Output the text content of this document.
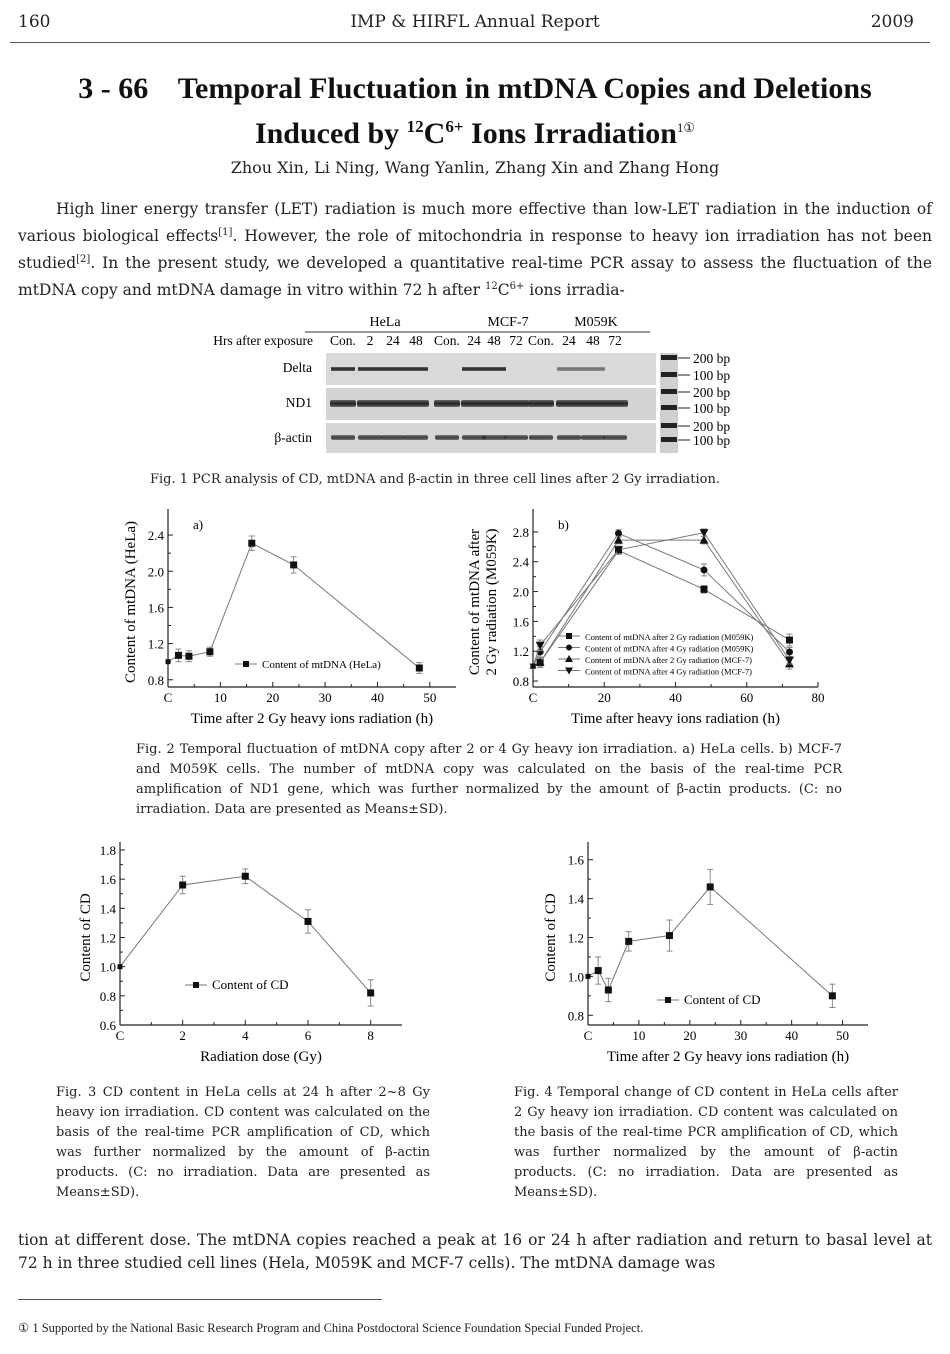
160	IMP & HIRFL Annual Report	2009
3 - 66 Temporal Fluctuation in mtDNA Copies and Deletions
Induced by $^{12}C^{6+}$ Ions Irradiation$^{1①}$
Zhou Xin, Li Ning, Wang Yanlin, Zhang Xin and Zhang Hong
High liner energy transfer (LET) radiation is much more effective than low-LET radiation in the induction of various biological effects[1]. However, the role of mitochondria in response to heavy ion irradiation has not been studied[2]. In the present study, we developed a quantitative real-time PCR assay to assess the fluctuation of the mtDNA copy and mtDNA damage in vitro within 72 h after $^{12}C^{6+}$ ions irradia-
HeLa	MCF-7	M059K
Hrs after exposure Con. 2 24 48 Con. 24 48 72 Con. 24 48 72
Delta
ND1
β-actin
200 bp
100 bp
200 bp
100 bp
200 bp
100 bp
Fig. 1 PCR analysis of CD, mtDNA and β-actin in three cell lines after 2 Gy irradiation.
0.8
1.2
1.6
2.0
2.4
C	10	20	30	40	50
Time after 2 Gy heavy ions radiation (h)
Content of mtDNA (HeLa)	a)
Content of mtDNA (HeLa)
0.8
1.2
1.6
2.0
2.4
2.8
C	20	40	60	80
Time after heavy ions radiation (h)
Content of mtDNA after2 Gy radiation (M059K)
b)
Content of mtDNA after 2 Gy radiation (M059K)
Content of mtDNA after 4 Gy radiation (M059K)
Content of mtDNA after 2 Gy radiation (MCF-7)
Content of mtDNA after 4 Gy radiation (MCF-7)
Fig. 2 Temporal fluctuation of mtDNA copy after 2 or 4 Gy heavy ion irradiation. a) HeLa cells. b) MCF-7 and M059K cells. The number of mtDNA copy was calculated on the basis of the real-time PCR amplification of ND1 gene, which was further normalized by the amount of β-actin products. (C: no irradiation. Data are presented as Means±SD).
0.6
0.8
1.0
1.2
1.4
1.6
1.8
C	2	4	6	8
Radiation dose (Gy)
Content of CD
Content of CD
0.8
1.0
1.2
1.4
1.6
C	10	20	30	40	50
Time after 2 Gy heavy ions radiation (h)
Content of CD
Content of CD
Fig. 3 CD content in HeLa cells at 24 h after 2~8 Gy heavy ion irradiation. CD content was calculated on the basis of the real-time PCR amplification of CD, which was further normalized by the amount of β-actin products. (C: no irradiation. Data are presented as Means±SD).
Fig. 4 Temporal change of CD content in HeLa cells after 2 Gy heavy ion irradiation. CD content was calculated on the basis of the real-time PCR amplification of CD, which was further normalized by the amount of β-actin products. (C: no irradiation. Data are presented as Means±SD).
tion at different dose. The mtDNA copies reached a peak at 16 or 24 h after radiation and return to basal level at 72 h in three studied cell lines (Hela, M059K and MCF-7 cells). The mtDNA damage was
① 1 Supported by the National Basic Research Program and China Postdoctoral Science Foundation Special Funded Project.
